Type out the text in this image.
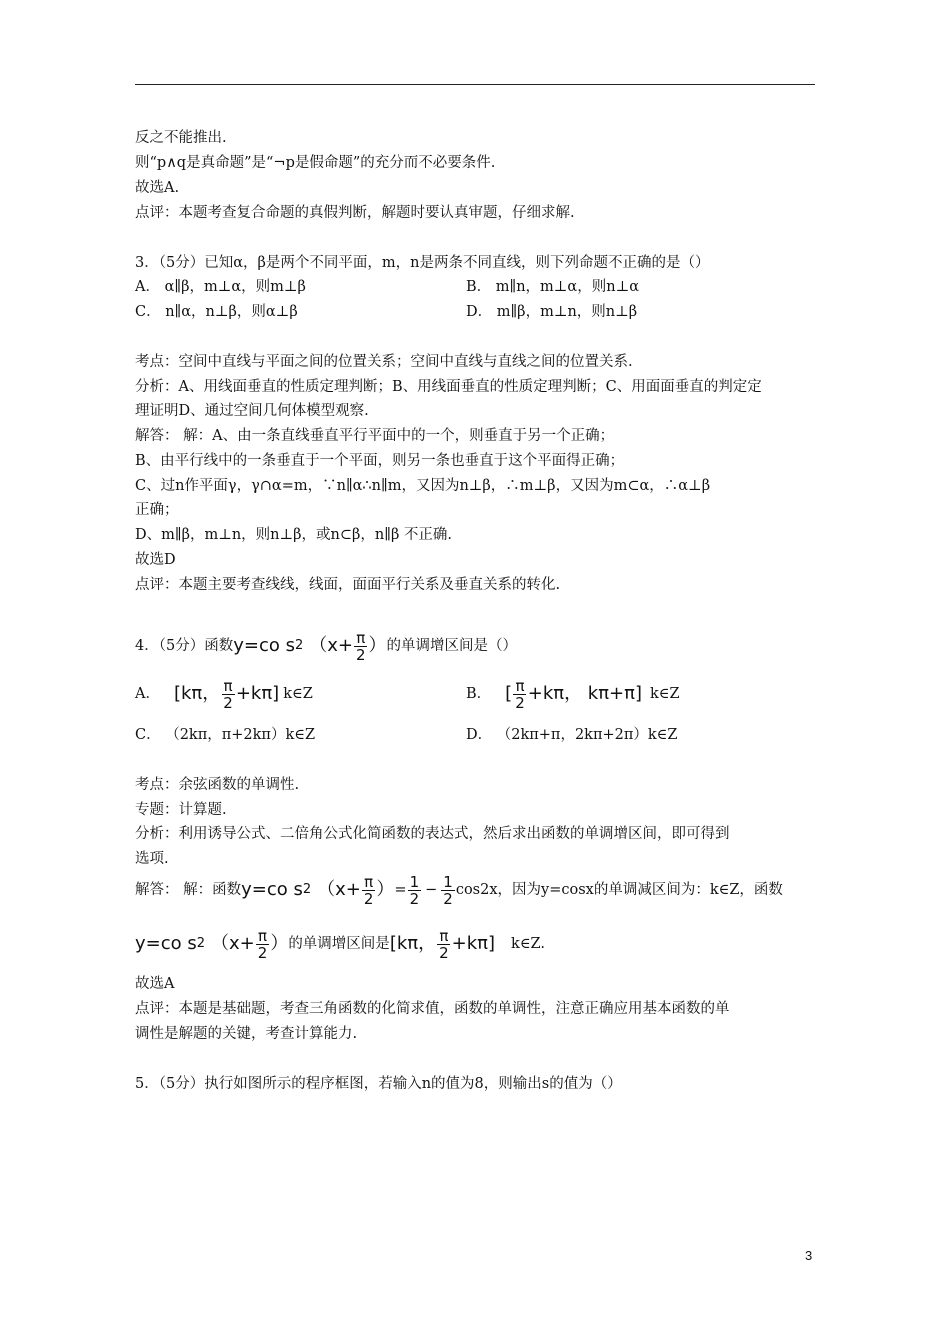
反之不能推出.
则“p∧q是真命题”是“¬p是假命题”的充分而不必要条件.
故选A.
点评：本题考查复合命题的真假判断，解题时要认真审题，仔细求解.
3．（5分）已知α，β是两个不同平面，m，n是两条不同直线，则下列命题不正确的是（）
A． α∥β，m⊥α，则m⊥β	B． m∥n，m⊥α，则n⊥α
C． n∥α，n⊥β，则α⊥β	D． m∥β，m⊥n，则n⊥β
考点：空间中直线与平面之间的位置关系；空间中直线与直线之间的位置关系.
分析：A、用线面垂直的性质定理判断；B、用线面垂直的性质定理判断；C、用面面垂直的判定定
理证明D、通过空间几何体模型观察.
解答： 解：A、由一条直线垂直平行平面中的一个，则垂直于另一个正确；
B、由平行线中的一条垂直于一个平面，则另一条也垂直于这个平面得正确；
C、过n作平面γ，γ∩α=m，∵n∥α∴n∥m，又因为n⊥β，∴m⊥β，又因为m⊂α，∴α⊥β
正确；
D、m∥β，m⊥n，则n⊥β，或n⊂β，n∥β 不正确.
故选D
点评：本题主要考查线线，线面，面面平行关系及垂直关系的转化.
4．（5分）函数 y=co s 2 （$x+ \frac{\pi}{2}$ ） 的单调增区间是（）
A． [kπ， $\frac{\pi}{2} +k\pi$] k∈Z	B． [ $\frac{\pi}{2} +k\pi$， kπ+π] k∈Z
C． （2kπ，π+2kπ）k∈Z	D． （2kπ+π，2kπ+2π）k∈Z
考点：余弦函数的单调性.
专题：计算题.
分析：利用诱导公式、二倍角公式化简函数的表达式，然后求出函数的单调增区间，即可得到
选项.
解答： 解：函数 y=co s 2 （$x+ \frac{\pi}{2}$ ） = $\frac{1}{2} - \frac{1}{2} \cos 2x$，因为y=cosx的单调减区间为：k∈Z，函数
y=co s 2 （$x+ \frac{\pi}{2}$ ） 的单调增区间是 [kπ， $\frac{\pi}{2} +k\pi$] k∈Z.
故选A
点评：本题是基础题，考查三角函数的化简求值，函数的单调性，注意正确应用基本函数的单
调性是解题的关键，考查计算能力.
5．（5分）执行如图所示的程序框图，若输入n的值为8，则输出s的值为（）
3
